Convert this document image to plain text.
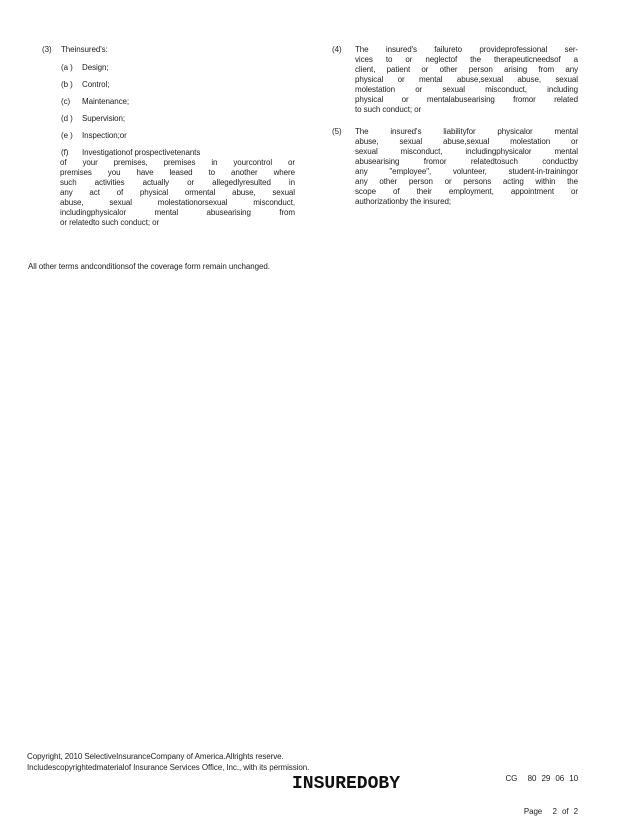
(3)	Theinsured's:
(a )	Design;
(b )	Control;
(c)	Maintenance;
(d )	Supervision;
(e )	Inspection;or
(f)	Investigationof prospectivetenants
of your premises, premises in yourcontrol or
premises you have leased to another where
such activities actually or allegedlyresulted in
any act of physical ormental abuse, sexual
abuse, sexual molestationorsexual misconduct,
includingphysicalor mental abusearising from
or relatedto such conduct; or
(4)	The insured's failureto provideprofessional ser-
vices to or neglectof the therapeuticneedsof a
client, patient or other person arising from any
physical or mental abuse,sexual abuse, sexual
molestation or sexual misconduct, including
physical or mentalabusearising fromor related
to such conduct; or
(5)	The insured's liabilityfor physicalor mental
abuse, sexual abuse,sexual molestation or
sexual misconduct, includingphysicalor mental
abusearising fromor relatedtosuch conductby
any "employee", volunteer, student-in-trainingor
any other person or persons acting within the
scope of their employment, appointment or
authorizationby the insured;
All other terms andconditionsof the coverage form remain unchanged.
Copyright, 2010 SelectiveInsuranceCompany of America.Allrights reserve.
Includescopyrightedmaterialof Insurance Services Office, Inc., with its permission.
INSUREDOBY

	CG  80 29 06 10

Page  2 of 2
